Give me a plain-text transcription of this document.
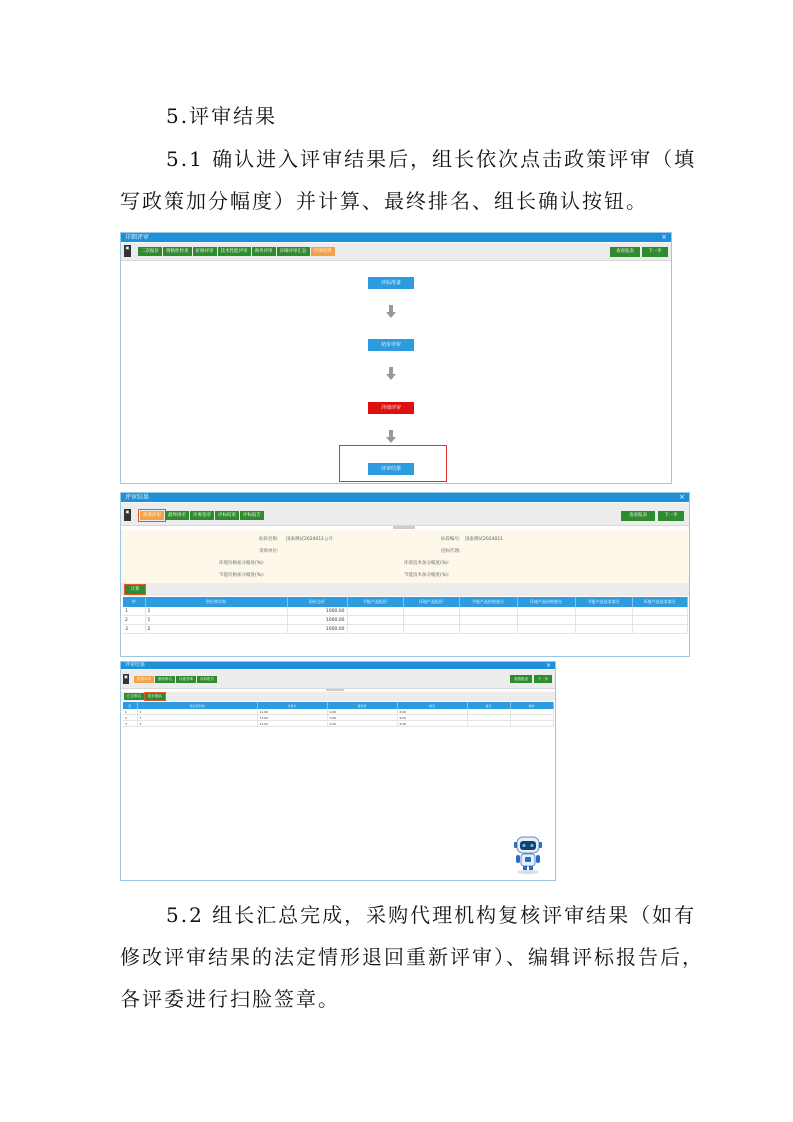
5.评审结果
5.1 确认进入评审结果后，组长依次点击政策评审（填
写政策加分幅度）并计算、最终排名、组长确认按钮。
详细评审	×
▣
二次报价 资格性检查 价格评审 技术性能评审 商务评审 详细评审汇总 评审结果	查看报表	下一步
评标准备
初步评审
详细评审
评审结果
评审结果	×
▣
政策评审 最终排名 评委签章 评标结束 评标报告	查看报表	下一步
标段名称: 国泰测试2024011公开	标段编号: 国泰测试2024011
采购单位:	招标代理:
环境价格加分幅度(%):	环境技术加分幅度(%):
节能价格加分幅度(%):	节能技术加分幅度(%):
计算
序	供应商名称	投标总价	节能产品报价	环境产品报价	节能产品价格加分	环境产品价格加分	节能产品技术加分	环境产品技术加分
1	1	1000.00						
2	1	1000.00						
3	2	1000.00						
评审结果	×
▣	政策评审 最终排名 评委签章 评标报告	查看报表	下一步
汇总排名	组长确认
序	供应商名称	总得分	最终价	排名	备注	操作
1	1	11.00	0.00	6.00		
2	1	11.00	0.00	6.00		
3	2	11.00	0.00	6.00		
5.2 组长汇总完成，采购代理机构复核评审结果（如有
修改评审结果的法定情形退回重新评审）、编辑评标报告后，
各评委进行扫脸签章。
